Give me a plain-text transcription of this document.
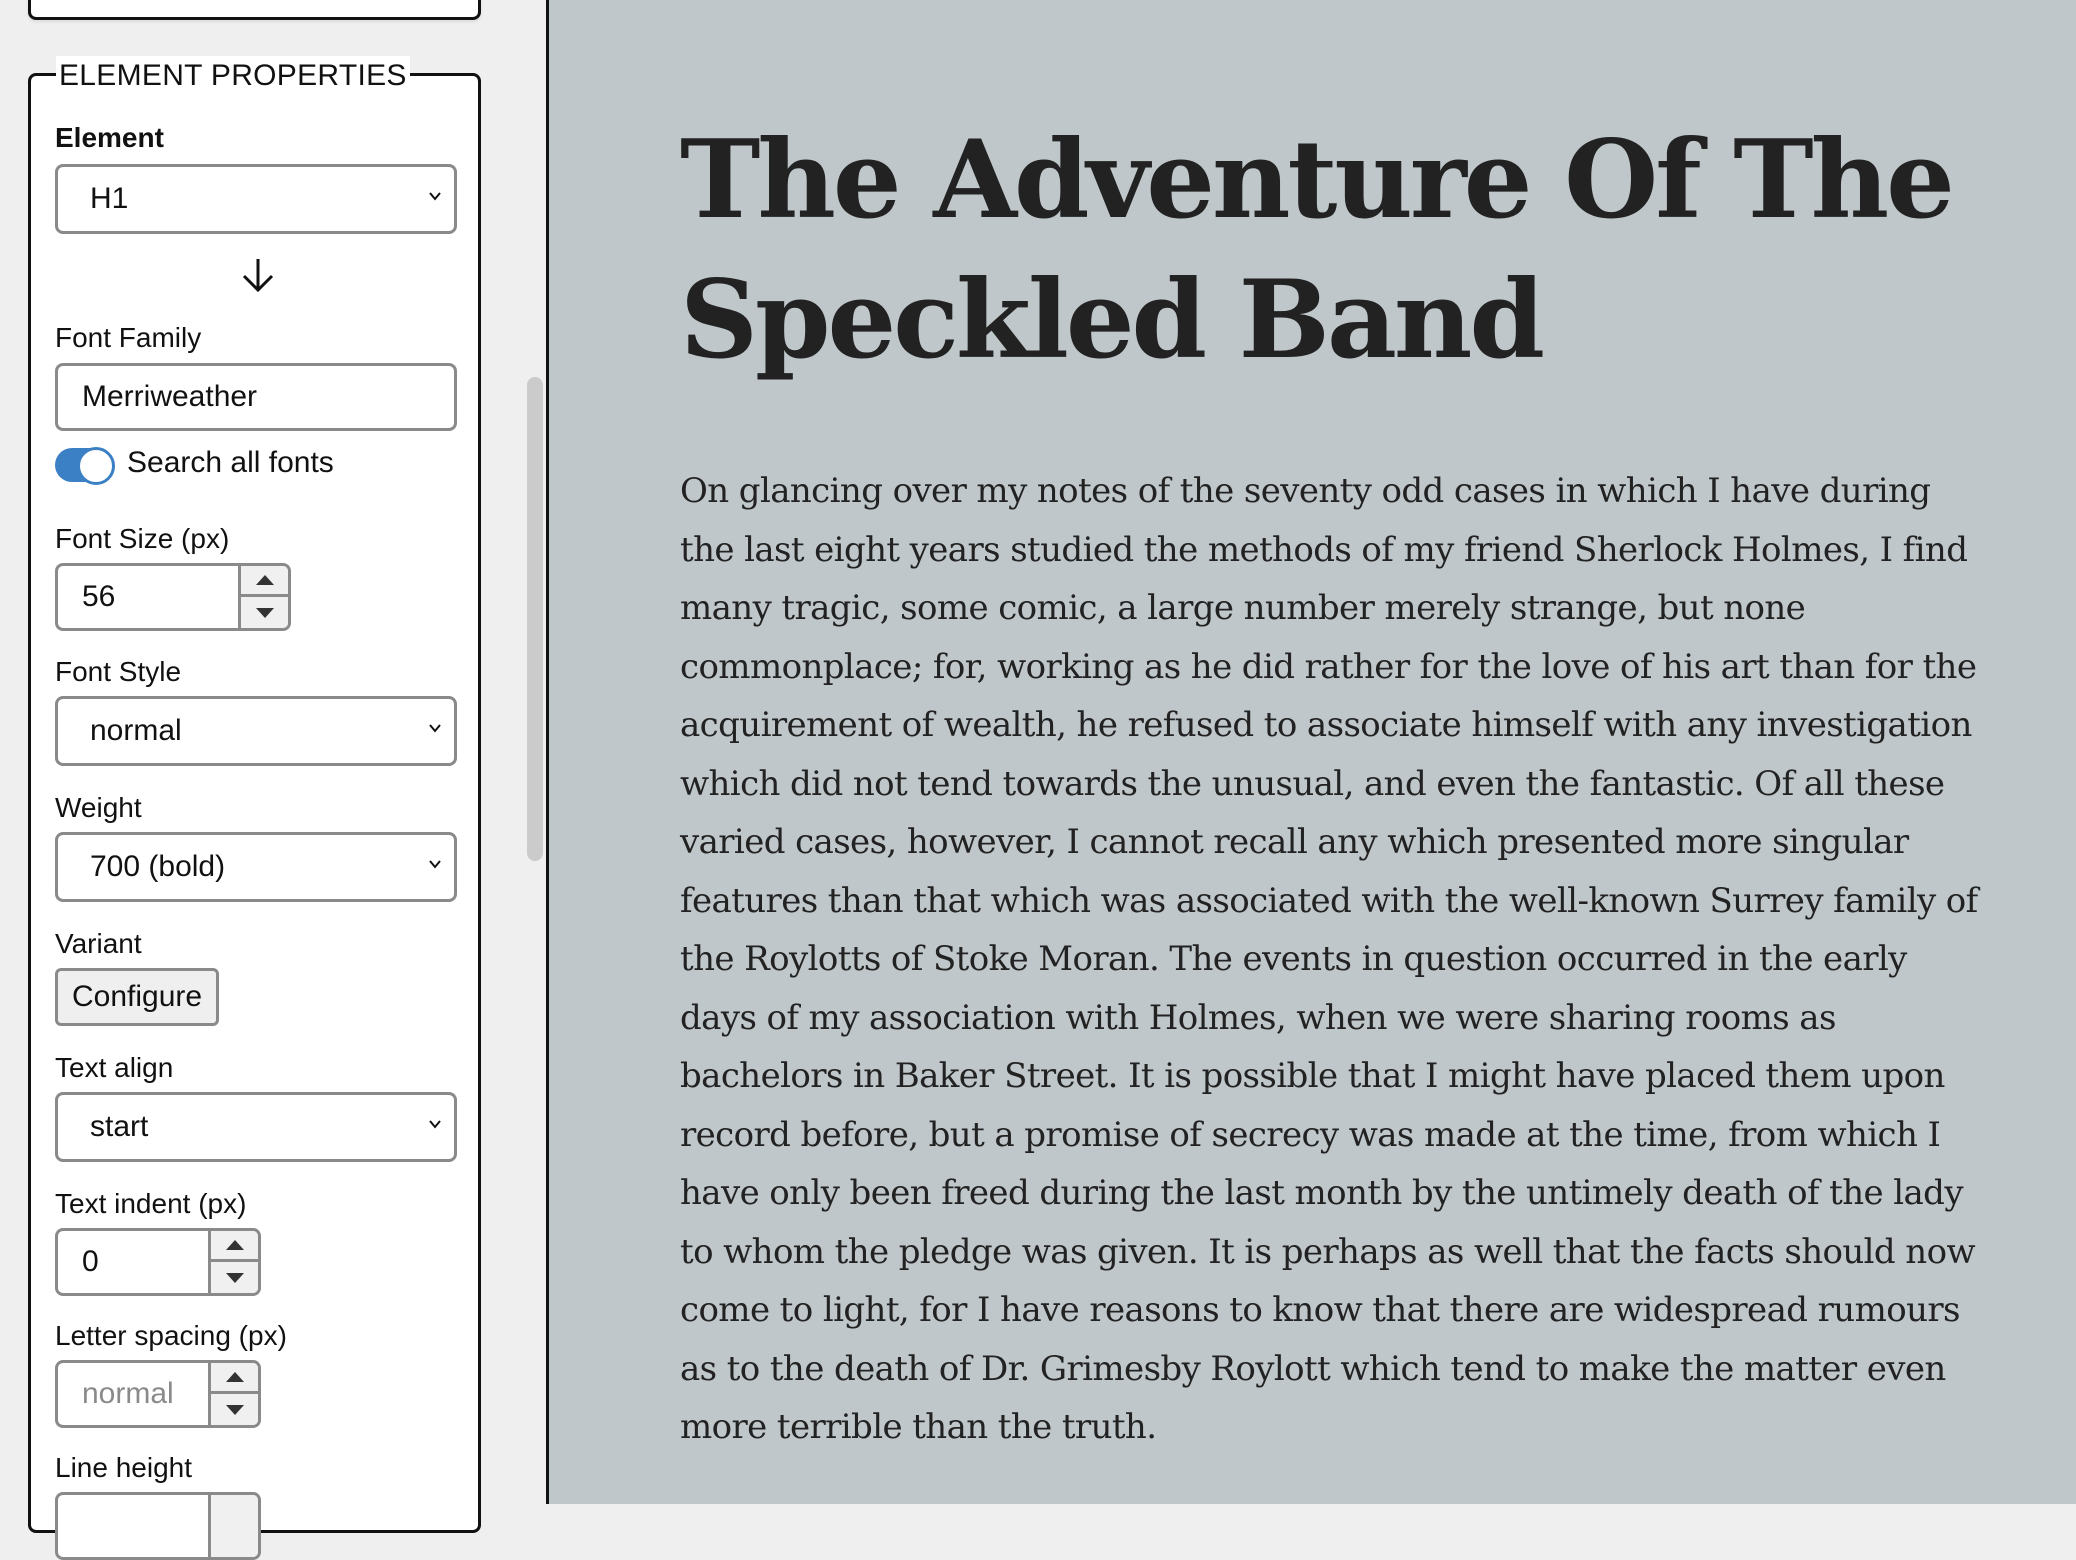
ELEMENT PROPERTIES
Element
H1
Font Family
Merriweather
Search all fonts
Font Size (px)
56
Font Style
normal
Weight
700 (bold)
Variant
Configure
Text align
start
Text indent (px)
0
Letter spacing (px)
normal
Line height
The Adventure Of The Speckled Band

On glancing over my notes of the seventy odd cases in which I have during the last eight years studied the methods of my friend Sherlock Holmes, I find many tragic, some comic, a large number merely strange, but none commonplace; for, working as he did rather for the love of his art than for the acquirement of wealth, he refused to associate himself with any investigation which did not tend towards the unusual, and even the fantastic. Of all these varied cases, however, I cannot recall any which presented more singular features than that which was associated with the well-known Surrey family of the Roylotts of Stoke Moran. The events in question occurred in the early days of my association with Holmes, when we were sharing rooms as bachelors in Baker Street. It is possible that I might have placed them upon record before, but a promise of secrecy was made at the time, from which I have only been freed during the last month by the untimely death of the lady to whom the pledge was given. It is perhaps as well that the facts should now come to light, for I have reasons to know that there are widespread rumours as to the death of Dr. Grimesby Roylott which tend to make the matter even more terrible than the truth.
